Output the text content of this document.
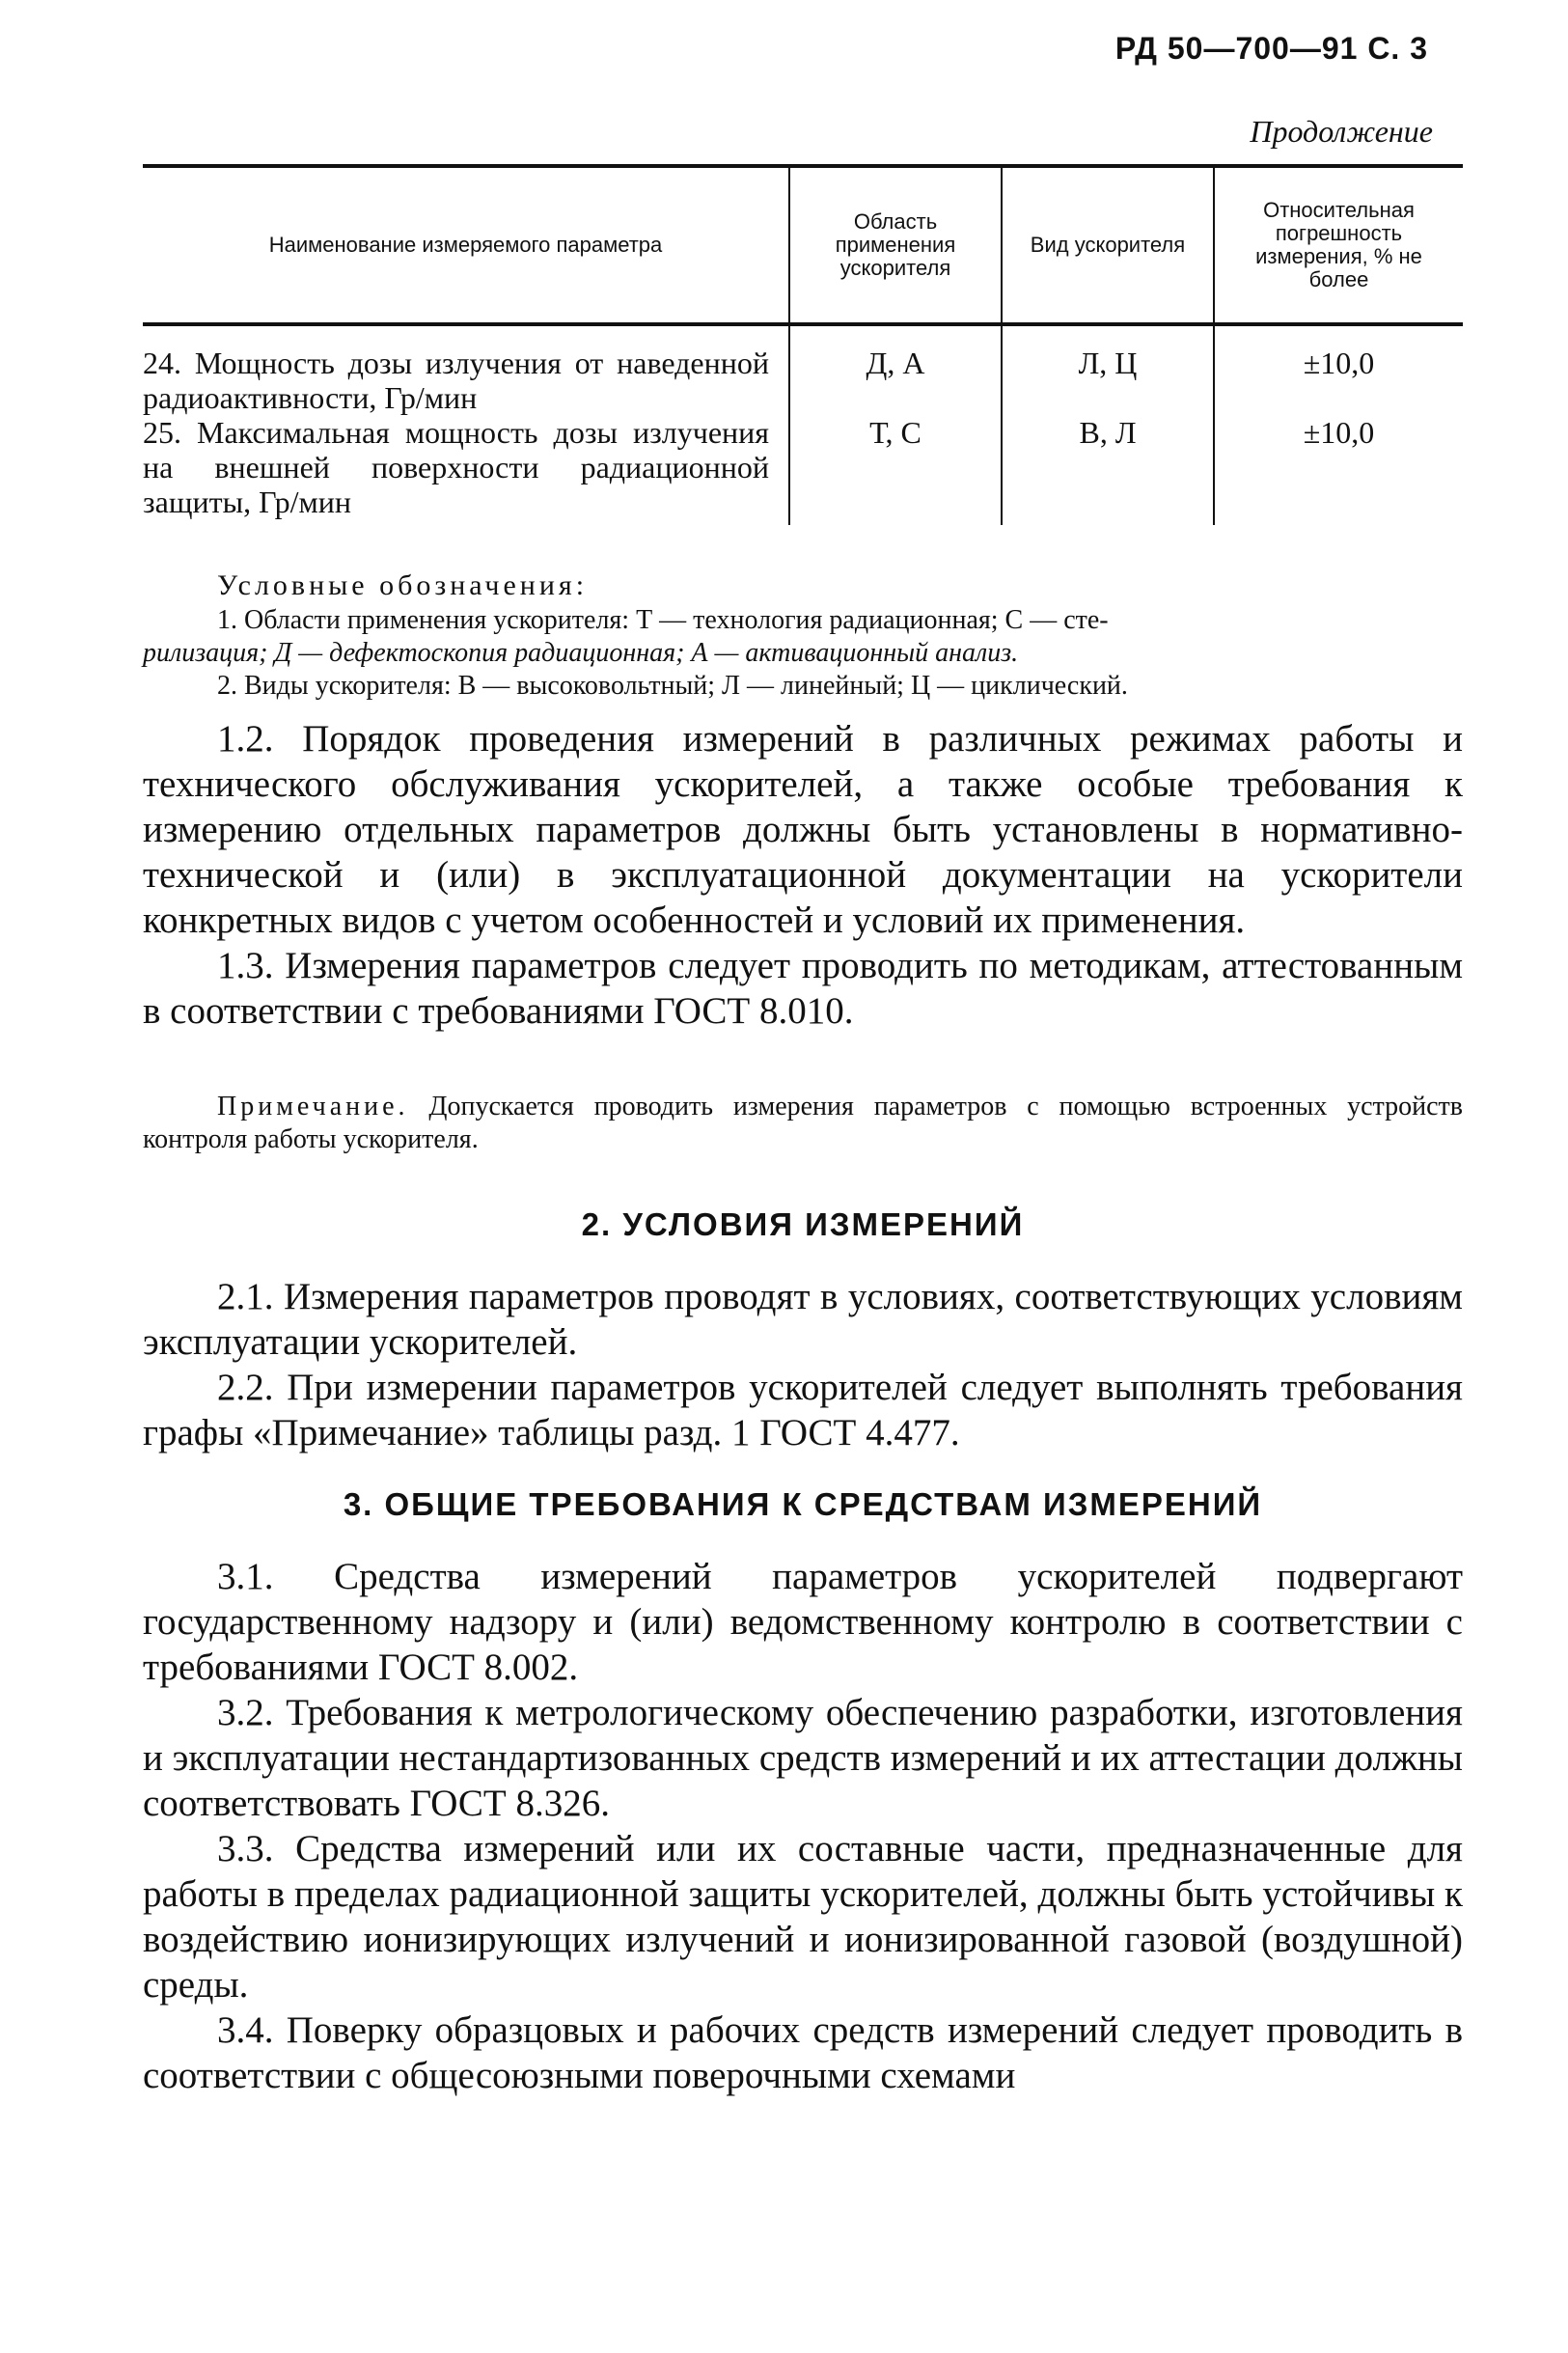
РД 50—700—91 С. 3
Продолжение
Наименование измеряемого параметра	Область применения ускорителя	Вид ускорителя	Относительная погрешность измерения, % не более
24. Мощность дозы излучения от наведенной радиоактивности, Гр/мин	Д, А	Л, Ц	±10,0
25. Максимальная мощность дозы излучения на внешней поверхности радиационной защиты, Гр/мин	Т, С	В, Л	±10,0

Условные обозначения:

1. Области применения ускорителя: Т — технология радиационная; С — сте-

рилизация; Д — дефектоскопия радиационная; А — активационный анализ.

2. Виды ускорителя: В — высоковольтный; Л — линейный; Ц — циклический.

1.2. Порядок проведения измерений в различных режимах работы и технического обслуживания ускорителей, а также особые требования к измерению отдельных параметров должны быть установлены в нормативно-технической и (или) в эксплуатационной документации на ускорители конкретных видов с учетом особенностей и условий их применения.

1.3. Измерения параметров следует проводить по методикам, аттестованным в соответствии с требованиями ГОСТ 8.010.

Примечание. Допускается проводить измерения параметров с помощью встроенных устройств контроля работы ускорителя.

2. УСЛОВИЯ ИЗМЕРЕНИЙ

2.1. Измерения параметров проводят в условиях, соответствующих условиям эксплуатации ускорителей.

2.2. При измерении параметров ускорителей следует выполнять требования графы «Примечание» таблицы разд. 1 ГОСТ 4.477.

3. ОБЩИЕ ТРЕБОВАНИЯ К СРЕДСТВАМ ИЗМЕРЕНИЙ

3.1. Средства измерений параметров ускорителей подвергают государственному надзору и (или) ведомственному контролю в соответствии с требованиями ГОСТ 8.002.

3.2. Требования к метрологическому обеспечению разработки, изготовления и эксплуатации нестандартизованных средств измерений и их аттестации должны соответствовать ГОСТ 8.326.

3.3. Средства измерений или их составные части, предназначенные для работы в пределах радиационной защиты ускорителей, должны быть устойчивы к воздействию ионизирующих излучений и ионизированной газовой (воздушной) среды.

3.4. Поверку образцовых и рабочих средств измерений следует проводить в соответствии с общесоюзными поверочными схемами
